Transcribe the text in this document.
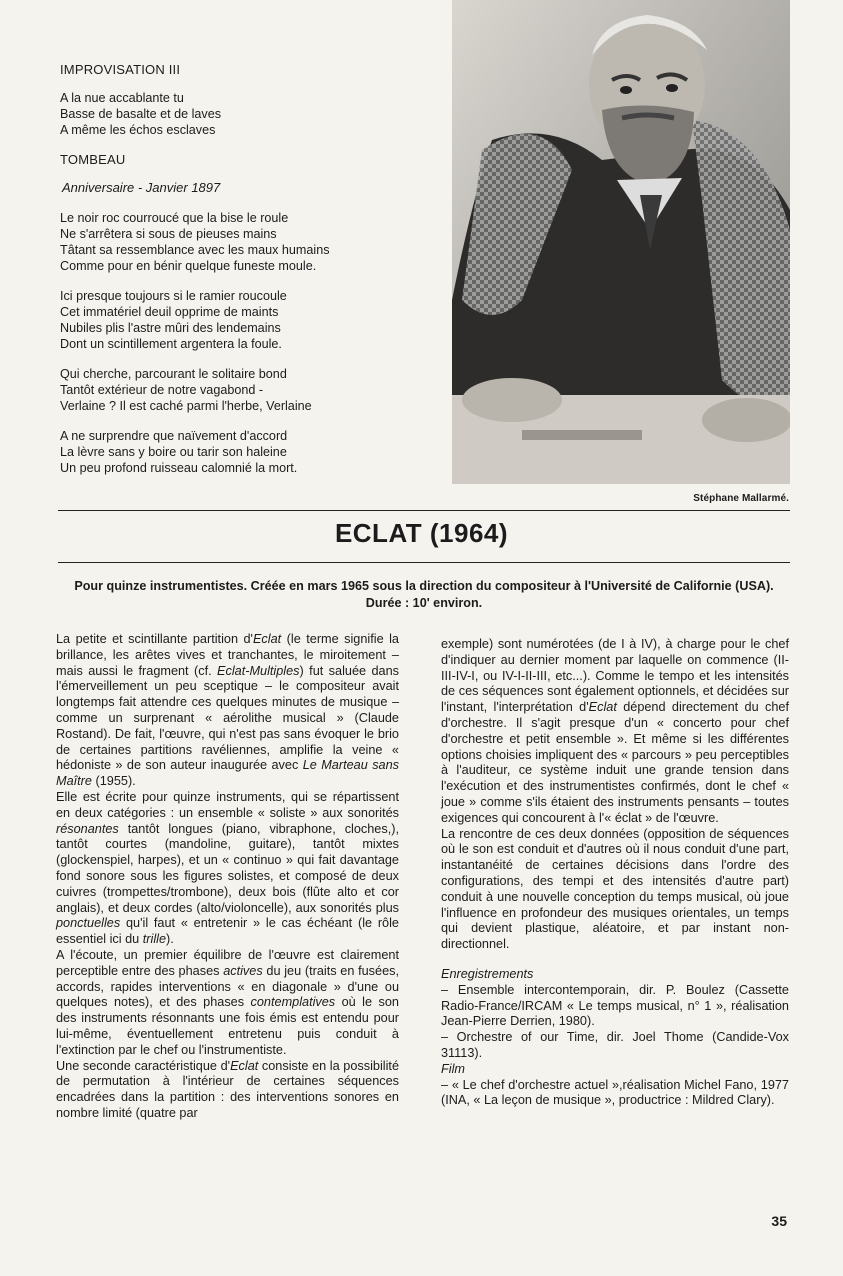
IMPROVISATION III
A la nue accablante tu
Basse de basalte et de laves
A même les échos esclaves
TOMBEAU
Anniversaire - Janvier 1897
Le noir roc courroucé que la bise le roule
Ne s'arrêtera si sous de pieuses mains
Tâtant sa ressemblance avec les maux humains
Comme pour en bénir quelque funeste moule.
Ici presque toujours si le ramier roucoule
Cet immatériel deuil opprime de maints
Nubiles plis l'astre mûri des lendemains
Dont un scintillement argentera la foule.
Qui cherche, parcourant le solitaire bond
Tantôt extérieur de notre vagabond -
Verlaine ? Il est caché parmi l'herbe, Verlaine
A ne surprendre que naïvement d'accord
La lèvre sans y boire ou tarir son haleine
Un peu profond ruisseau calomnié la mort.
Stéphane Mallarmé.
ECLAT (1964)
Pour quinze instrumentistes. Créée en mars 1965 sous la direction du compositeur à l'Université de Californie (USA). Durée : 10' environ.

La petite et scintillante partition d'Eclat (le terme signifie la brillance, les arêtes vives et tranchantes, le miroitement – mais aussi le fragment (cf. Eclat-Multiples) fut saluée dans l'émerveillement un peu sceptique – le compositeur avait longtemps fait attendre ces quelques minutes de musique – comme un surprenant « aérolithe musical » (Claude Rostand). De fait, l'œuvre, qui n'est pas sans évoquer le brio de certaines partitions ravéliennes, amplifie la veine « hédoniste » de son auteur inaugurée avec Le Marteau sans Maître (1955).

Elle est écrite pour quinze instruments, qui se répartissent en deux catégories : un ensemble « soliste » aux sonorités résonantes tantôt longues (piano, vibraphone, cloches,), tantôt courtes (mandoline, guitare), tantôt mixtes (glockenspiel, harpes), et un « continuo » qui fait davantage fond sonore sous les figures solistes, et composé de deux cuivres (trompettes/trombone), deux bois (flûte alto et cor anglais), et deux cordes (alto/violoncelle), aux sonorités plus ponctuelles qu'il faut « entretenir » le cas échéant (le rôle essentiel ici du trille).

A l'écoute, un premier équilibre de l'œuvre est clairement perceptible entre des phases actives du jeu (traits en fusées, accords, rapides interventions « en diagonale » d'une ou quelques notes), et des phases contemplatives où le son des instruments résonnants une fois émis est entendu pour lui-même, éventuellement entretenu puis conduit à l'extinction par le chef ou l'instrumentiste.

Une seconde caractéristique d'Eclat consiste en la possibilité de permutation à l'intérieur de certaines séquences encadrées dans la partition : des interventions sonores en nombre limité (quatre par

exemple) sont numérotées (de I à IV), à charge pour le chef d'indiquer au dernier moment par laquelle on commence (II-III-IV-I, ou IV-I-II-III, etc...). Comme le tempo et les intensités de ces séquences sont également optionnels, et décidées sur l'instant, l'interprétation d'Eclat dépend directement du chef d'orchestre. Il s'agit presque d'un « concerto pour chef d'orchestre et petit ensemble ». Et même si les différentes options choisies impliquent des « parcours » peu perceptibles à l'auditeur, ce système induit une grande tension dans l'exécution et des instrumentistes confirmés, dont le chef « joue » comme s'ils étaient des instruments pensants – toutes exigences qui concourent à l'« éclat » de l'œuvre.

La rencontre de ces deux données (opposition de séquences où le son est conduit et d'autres où il nous conduit d'une part, instantanéité de certaines décisions dans l'ordre des configurations, des tempi et des intensités d'autre part) conduit à une nouvelle conception du temps musical, où joue l'influence en profondeur des musiques orientales, un temps qui devient plastique, aléatoire, et par instant non-directionnel.

Enregistrements

– Ensemble intercontemporain, dir. P. Boulez (Cassette Radio-France/IRCAM « Le temps musical, n° 1 », réalisation Jean-Pierre Derrien, 1980).

– Orchestre of our Time, dir. Joel Thome (Candide-Vox 31113).

Film

– « Le chef d'orchestre actuel »,réalisation Michel Fano, 1977 (INA, « La leçon de musique », productrice : Mildred Clary).

35
